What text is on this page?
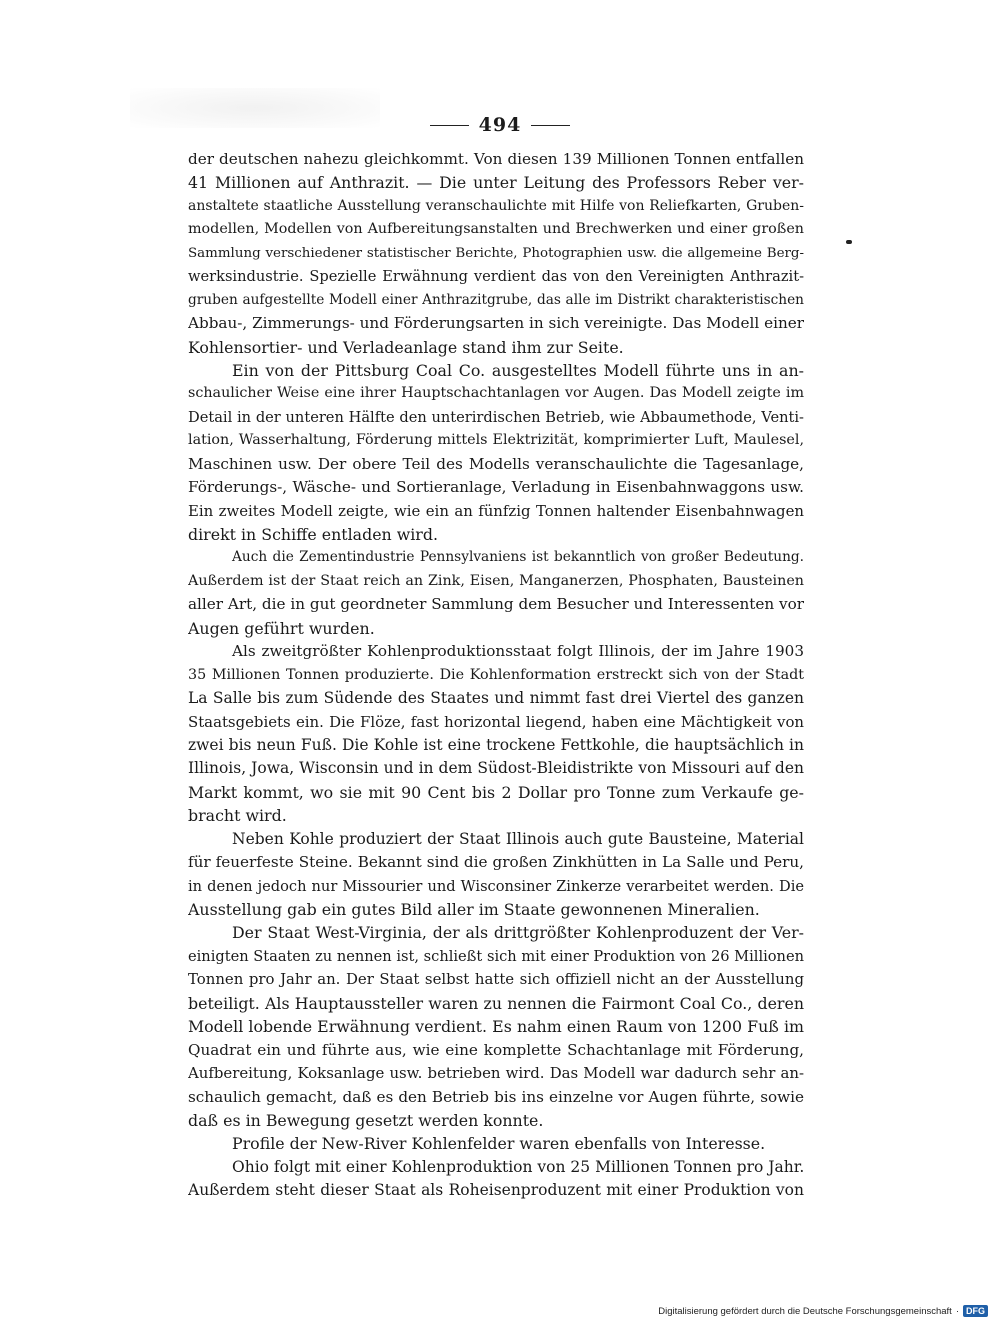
494
der deutschen nahezu gleichkommt. Von diesen 139 Millionen Tonnen entfallen
41 Millionen auf Anthrazit. — Die unter Leitung des Professors Reber ver-
anstaltete staatliche Ausstellung veranschaulichte mit Hilfe von Reliefkarten, Gruben-
modellen, Modellen von Aufbereitungsanstalten und Brechwerken und einer großen
Sammlung verschiedener statistischer Berichte, Photographien usw. die allgemeine Berg-
werksindustrie. Spezielle Erwähnung verdient das von den Vereinigten Anthrazit-
gruben aufgestellte Modell einer Anthrazitgrube, das alle im Distrikt charakteristischen
Abbau-, Zimmerungs- und Förderungsarten in sich vereinigte. Das Modell einer
Kohlensortier- und Verladeanlage stand ihm zur Seite.
Ein von der Pittsburg Coal Co. ausgestelltes Modell führte uns in an-
schaulicher Weise eine ihrer Hauptschachtanlagen vor Augen. Das Modell zeigte im
Detail in der unteren Hälfte den unterirdischen Betrieb, wie Abbaumethode, Venti-
lation, Wasserhaltung, Förderung mittels Elektrizität, komprimierter Luft, Maulesel,
Maschinen usw. Der obere Teil des Modells veranschaulichte die Tagesanlage,
Förderungs-, Wäsche- und Sortieranlage, Verladung in Eisenbahnwaggons usw.
Ein zweites Modell zeigte, wie ein an fünfzig Tonnen haltender Eisenbahnwagen
direkt in Schiffe entladen wird.
Auch die Zementindustrie Pennsylvaniens ist bekanntlich von großer Bedeutung.
Außerdem ist der Staat reich an Zink, Eisen, Manganerzen, Phosphaten, Bausteinen
aller Art, die in gut geordneter Sammlung dem Besucher und Interessenten vor
Augen geführt wurden.
Als zweitgrößter Kohlenproduktionsstaat folgt Illinois, der im Jahre 1903
35 Millionen Tonnen produzierte. Die Kohlenformation erstreckt sich von der Stadt
La Salle bis zum Südende des Staates und nimmt fast drei Viertel des ganzen
Staatsgebiets ein. Die Flöze, fast horizontal liegend, haben eine Mächtigkeit von
zwei bis neun Fuß. Die Kohle ist eine trockene Fettkohle, die hauptsächlich in
Illinois, Jowa, Wisconsin und in dem Südost-Bleidistrikte von Missouri auf den
Markt kommt, wo sie mit 90 Cent bis 2 Dollar pro Tonne zum Verkaufe ge-
bracht wird.
Neben Kohle produziert der Staat Illinois auch gute Bausteine, Material
für feuerfeste Steine. Bekannt sind die großen Zinkhütten in La Salle und Peru,
in denen jedoch nur Missourier und Wisconsiner Zinkerze verarbeitet werden. Die
Ausstellung gab ein gutes Bild aller im Staate gewonnenen Mineralien.
Der Staat West-Virginia, der als drittgrößter Kohlenproduzent der Ver-
einigten Staaten zu nennen ist, schließt sich mit einer Produktion von 26 Millionen
Tonnen pro Jahr an. Der Staat selbst hatte sich offiziell nicht an der Ausstellung
beteiligt. Als Hauptaussteller waren zu nennen die Fairmont Coal Co., deren
Modell lobende Erwähnung verdient. Es nahm einen Raum von 1200 Fuß im
Quadrat ein und führte aus, wie eine komplette Schachtanlage mit Förderung,
Aufbereitung, Koksanlage usw. betrieben wird. Das Modell war dadurch sehr an-
schaulich gemacht, daß es den Betrieb bis ins einzelne vor Augen führte, sowie
daß es in Bewegung gesetzt werden konnte.
Profile der New-River Kohlenfelder waren ebenfalls von Interesse.
Ohio folgt mit einer Kohlenproduktion von 25 Millionen Tonnen pro Jahr.
Außerdem steht dieser Staat als Roheisenproduzent mit einer Produktion von
Digitalisierung gefördert durch die Deutsche Forschungsgemeinschaft · DFG
